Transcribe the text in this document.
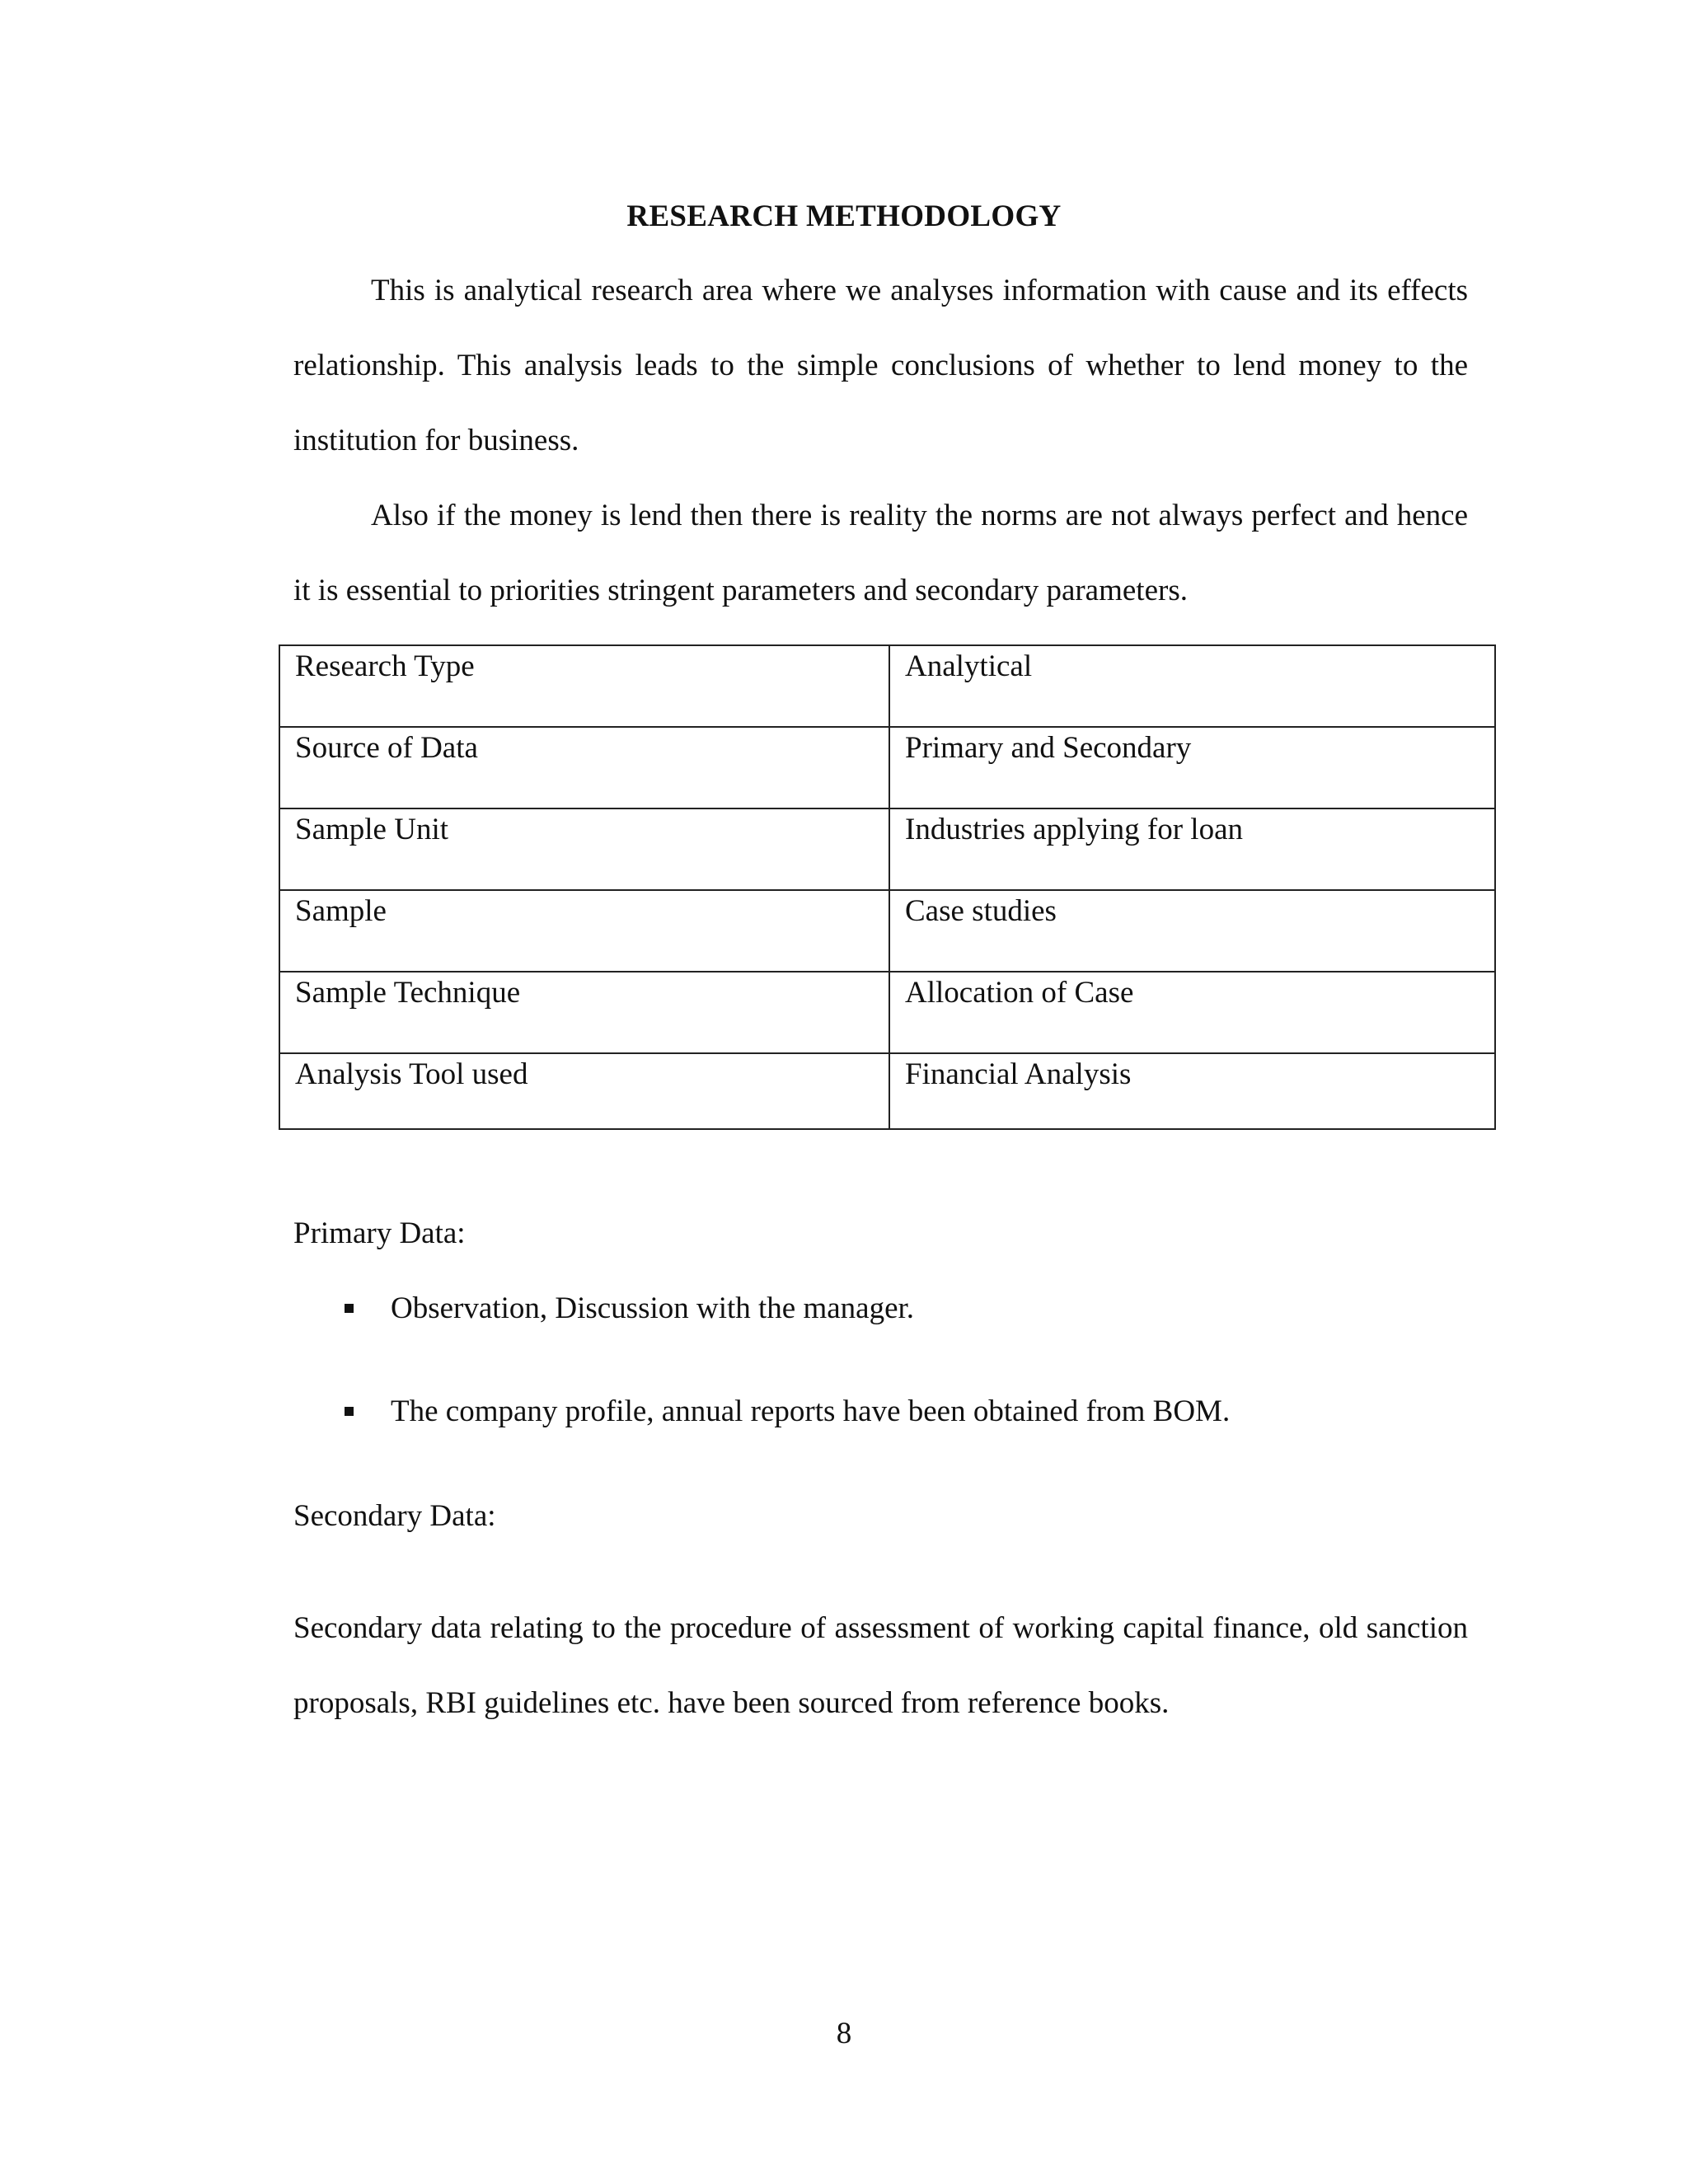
RESEARCH METHODOLOGY

This is analytical research area where we analyses information with cause and its effects relationship. This analysis leads to the simple conclusions of whether to lend money to the institution for business.

Also if the money is lend then there is reality the norms are not always perfect and hence it is essential to priorities stringent parameters and secondary parameters.

Research Type	Analytical
Source of Data	Primary and Secondary
Sample Unit	Industries applying for loan
Sample	Case studies
Sample Technique	Allocation of Case
Analysis Tool used	Financial Analysis
Primary Data:
Observation, Discussion with the manager.
The company profile, annual reports have been obtained from BOM.
Secondary Data:

Secondary data relating to the procedure of assessment of working capital finance, old sanction proposals, RBI guidelines etc. have been sourced from reference books.

8
